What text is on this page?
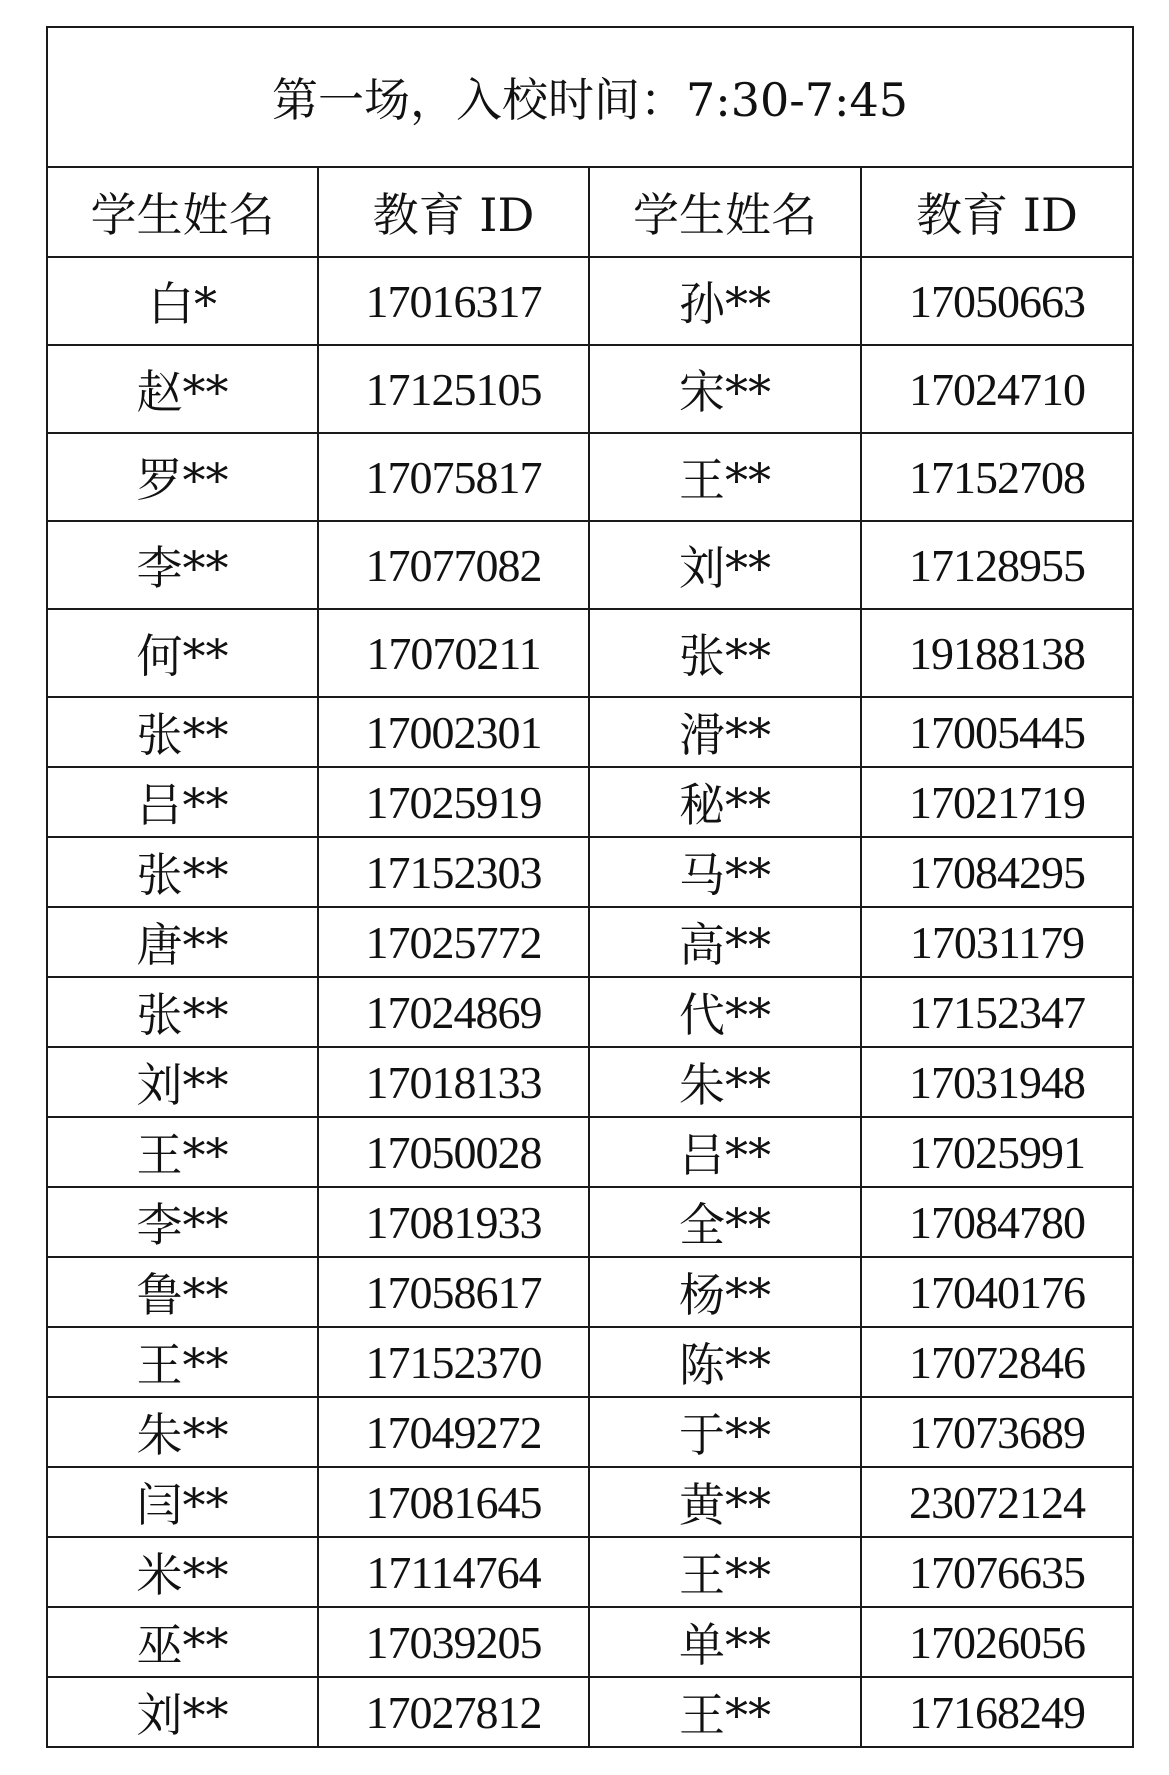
第一场，入校时间：7:30-7:45			
学生姓名	教育 ID	学生姓名	教育 ID
白*	17016317	孙**	17050663
赵**	17125105	宋**	17024710
罗**	17075817	王**	17152708
李**	17077082	刘**	17128955
何**	17070211	张**	19188138
张**	17002301	滑**	17005445
吕**	17025919	秘**	17021719
张**	17152303	马**	17084295
唐**	17025772	高**	17031179
张**	17024869	代**	17152347
刘**	17018133	朱**	17031948
王**	17050028	吕**	17025991
李**	17081933	全**	17084780
鲁**	17058617	杨**	17040176
王**	17152370	陈**	17072846
朱**	17049272	于**	17073689
闫**	17081645	黄**	23072124
米**	17114764	王**	17076635
巫**	17039205	单**	17026056
刘**	17027812	王**	17168249
